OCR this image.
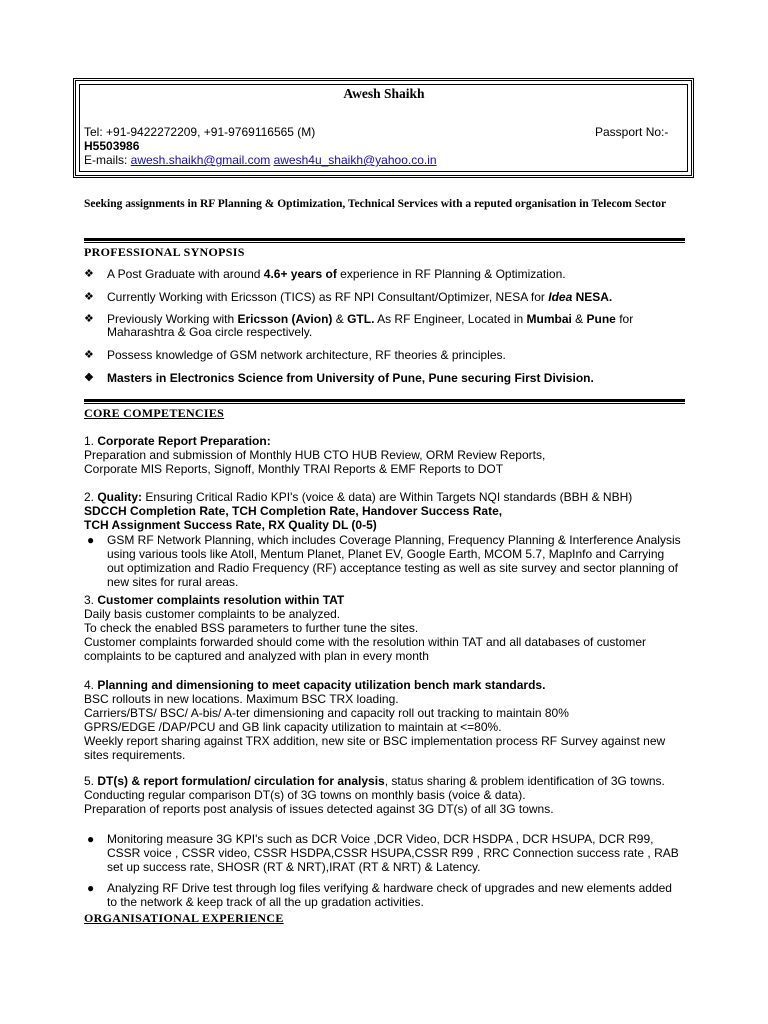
Awesh Shaikh
Tel: +91-9422272209, +91-9769116565 (M)	Passport No:-
H5503986
E-mails: awesh.shaikh@gmail.com awesh4u_shaikh@yahoo.co.in
Seeking assignments in RF Planning & Optimization, Technical Services with a reputed organisation in Telecom Sector
PROFESSIONAL SYNOPSIS
❖ A Post Graduate with around 4.6+ years of experience in RF Planning & Optimization.
❖ Currently Working with Ericsson (TICS) as RF NPI Consultant/Optimizer, NESA for Idea NESA.
❖ Previously Working with Ericsson (Avion) & GTL. As RF Engineer, Located in Mumbai & Pune for Maharashtra & Goa circle respectively.
❖ Possess knowledge of GSM network architecture, RF theories & principles.
❖ Masters in Electronics Science from University of Pune, Pune securing First Division.
CORE COMPETENCIES
1. Corporate Report Preparation:
Preparation and submission of Monthly HUB CTO HUB Review, ORM Review Reports,
Corporate MIS Reports, Signoff, Monthly TRAI Reports & EMF Reports to DOT
2. Quality: Ensuring Critical Radio KPI's (voice & data) are Within Targets NQI standards (BBH & NBH)
SDCCH Completion Rate, TCH Completion Rate, Handover Success Rate,
TCH Assignment Success Rate, RX Quality DL (0-5)
● GSM RF Network Planning, which includes Coverage Planning, Frequency Planning & Interference Analysis using various tools like Atoll, Mentum Planet, Planet EV, Google Earth, MCOM 5.7, MapInfo and Carrying out optimization and Radio Frequency (RF) acceptance testing as well as site survey and sector planning of new sites for rural areas.
3. Customer complaints resolution within TAT
Daily basis customer complaints to be analyzed.
To check the enabled BSS parameters to further tune the sites.
Customer complaints forwarded should come with the resolution within TAT and all databases of customer complaints to be captured and analyzed with plan in every month
4. Planning and dimensioning to meet capacity utilization bench mark standards.
BSC rollouts in new locations. Maximum BSC TRX loading.
Carriers/BTS/ BSC/ A-bis/ A-ter dimensioning and capacity roll out tracking to maintain 80%
GPRS/EDGE /DAP/PCU and GB link capacity utilization to maintain at <=80%.
Weekly report sharing against TRX addition, new site or BSC implementation process RF Survey against new sites requirements.
5. DT(s) & report formulation/ circulation for analysis, status sharing & problem identification of 3G towns.
Conducting regular comparison DT(s) of 3G towns on monthly basis (voice & data).
Preparation of reports post analysis of issues detected against 3G DT(s) of all 3G towns.
● Monitoring measure 3G KPI's such as DCR Voice ,DCR Video, DCR HSDPA , DCR HSUPA, DCR R99, CSSR voice , CSSR video, CSSR HSDPA,CSSR HSUPA,CSSR R99 , RRC Connection success rate , RAB set up success rate, SHOSR (RT & NRT),IRAT (RT & NRT) & Latency.
● Analyzing RF Drive test through log files verifying & hardware check of upgrades and new elements added to the network & keep track of all the up gradation activities.
ORGANISATIONAL EXPERIENCE
